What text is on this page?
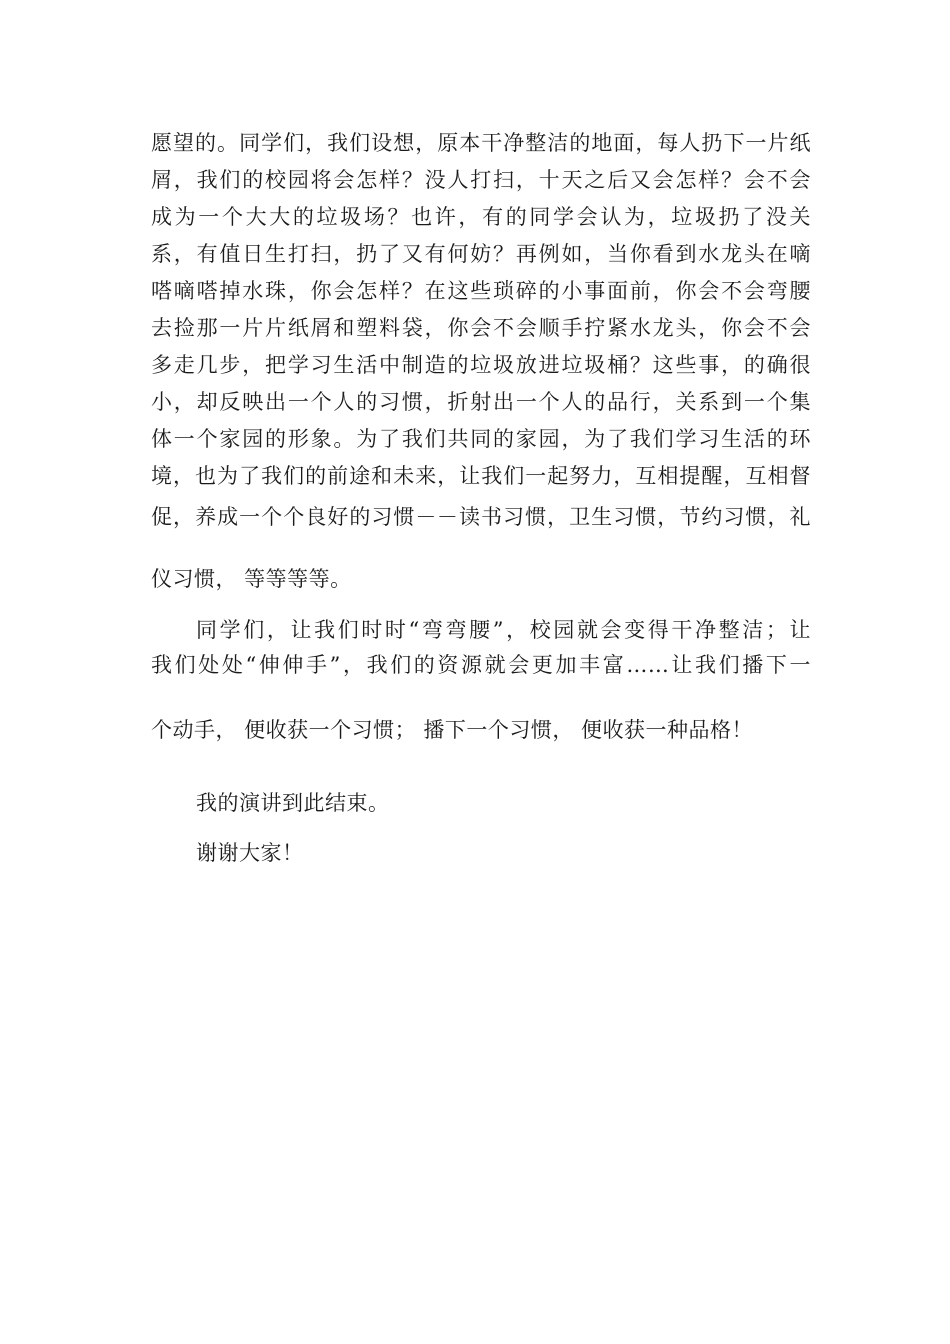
愿望的。同学们，我们设想，原本干净整洁的地面，每人扔下一片纸
屑，我们的校园将会怎样？没人打扫，十天之后又会怎样？会不会
成为一个大大的垃圾场？也许，有的同学会认为，垃圾扔了没关
系，有值日生打扫，扔了又有何妨？再例如，当你看到水龙头在嘀
嗒嘀嗒掉水珠，你会怎样？在这些琐碎的小事面前，你会不会弯腰
去捡那一片片纸屑和塑料袋，你会不会顺手拧紧水龙头，你会不会
多走几步，把学习生活中制造的垃圾放进垃圾桶？这些事，的确很
小，却反映出一个人的习惯，折射出一个人的品行，关系到一个集
体一个家园的形象。为了我们共同的家园，为了我们学习生活的环
境，也为了我们的前途和未来，让我们一起努力，互相提醒，互相督
促，养成一个个良好的习惯－－读书习惯，卫生习惯，节约习惯，礼
仪习惯， 等等等等。
同学们，让我们时时“弯弯腰”，校园就会变得干净整洁；让
我们处处“伸伸手”，我们的资源就会更加丰富……让我们播下一
个动手， 便收获一个习惯； 播下一个习惯， 便收获一种品格！
我的演讲到此结束。
谢谢大家！
